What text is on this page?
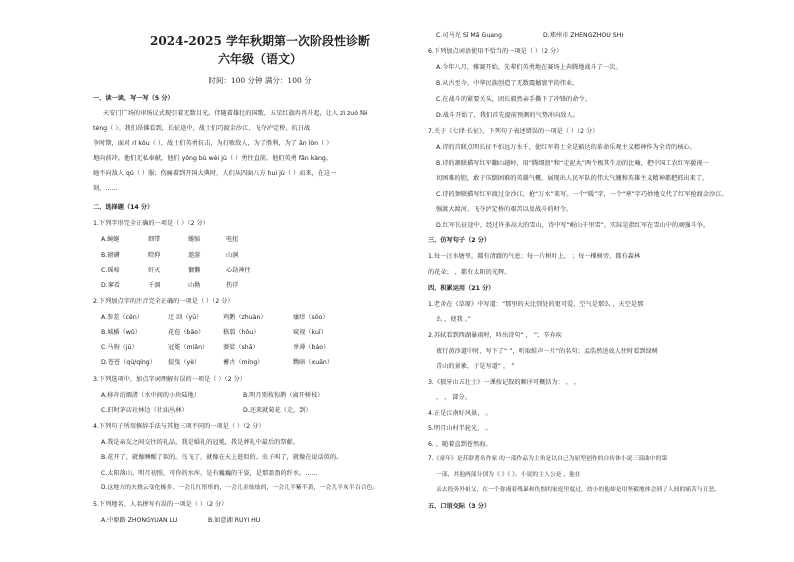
2024-2025 学年秋期第一次阶段性诊断
六年级（语文）
时间：100 分钟 满分：100 分
一、读一读，写一写（5 分）
天安门广场的审场议式现引着无数目光。伴随着雄壮的国歌，五星红旗冉冉升起，让人 zì zuó fěi
téng（ ）。我们昂佛看到，长征途中，战士们巧渡金沙江、飞夺泸定桥，抗日战
争时期，面对 rǐ kōu（ ），战士们英勇抗击，为打败敌人，为了胜利，为了 ān lòn（ ）
地向前冲。他们无私奉献，他们 yǒng bù wèi jù（ ）勇往直前，他们英勇 fǎn kàng，
她不向敌人 qū（ ）服；伤痛着到开国大典时，人们从四面八方 huì jù（ ）而来，在这一
刻，……
二、选择题（14 分）
1.下列字形完全正确的一项是（ ）（2 分）
A.蜿蜒	细带	蜷缩	电扭
B.磅礴	瞪抑	遨游	山涧
C.瑶啼	奸灭	慵懒	心劫神往
D.寥看	千涸	山拗	伤徉
2.下列加点字的注音完全正确的一项是（ ）（2 分）
A.参差（cēn）	迂 回（yū）	鸡鹅（zhuàn）	瘙痒（sōo）
B.城楯（wǔ）	花苞（bāo）	嵇翦（hōu）	窥视（kuī）
C.马驹（jū）	冠冕（miǎn） 婆娑（shā）	单薄（báo）
D.苍苍（qú/qíng） 提曳（yè）	蓄古（míng）	黝暗（xuān）
3.下列选项中，加点字词理解有误的一项是（ ）（2 分）
A.移舟泊烟渚（水中间的小块陆地）	B.明月别枝惊鹊（离开树枝）
C.旧时茅店社林边（社庙丛林）	D.还来就菊花（走，到）
4.下列句子所用修辞手法与其他三项不同的一项是（ ）（2 分）
A.我是亲友之间交往的礼品，我是婚礼的冠冕，我是葬礼中最后的祭献。
B.花开了，就像睡醒了似的。鸟飞了，就像在天上逛似的。虫子叫了，就像在说话似的。
C.太阳落山，明月初照，可你的水库，是有巍巍的千姿，是那盈盈的纤水，……
D.这地方的火烧云变化极多，一会儿红彤彤的，一会儿金灿灿的，一会儿半紫半黄，一会儿半灰半百合色。
5.下列地名、人名拼写有误的一项是（ ）（2 分）
A.中原路 ZHONGYUAN LU	B.如意湖 RUYI HU
C.司马光 Sī Mǎ Guang	D.郑州市 ZHENGZHOU SHI
6.下列加点词语使用不恰当的一项是（ ）（2 分）
A.今年八月，雅赛开始，先辈们英勇地在赛场上奔腾地战斗了一次。
B.从古至今，中华民族创造了无数震撼寰宇的伟业。
C.在战斗的紧要关头，团长毅然亲手撕下了冲锋的命令。
D.战斗开始了，我们首先提前预测的气势冲向敌人。
7.关于《七律·长征》，下列句子表述错误的一项是（ ）（2 分）
A.诗的首联点明长征不怕远万水千，使红军将士全是豁达的革命乐观主义精神作为全诗的核心。
B.诗的颔联描写红军翻山越岭，用“腾细浪”和“走泥丸”两个极其生动的比喻，把中国工农红军藐视一
切困难的胆，敢于压倒困难的英雄气概，展现出人民军队的伟大气魄和英雄主义精神都把抓出来了。
C.诗的颈联描写红军渡过金沙江，抢“万水”来写。一个“暖”字，一个“寒”字巧妙地交代了红军抢渡金沙江、
强渡大渡河、飞夺泸定桥的艰苦以及战斗的时令。
D.红军长征途中，经过许多高大的雪山，诗中写“岷山千里雪”，实际是指红军在雪山中的顽强斗争。
三、仿写句子（2 分）
1.每一汪水塘里，都有清澈的气息；每一片树叶上， ；每一棵树旁，都有森林
的花朵； ，都有太阳的光辉。
四、积累运用（21 分）
1.老舍在《草原》中写道：“那里的天比别处的更可爱，空气是那么 ，天空是那
么 ，使我 。”
2.苏轼看到西湖暴雨时，吟出诗句“ ， ”；辛弃疾
夜行黄沙道中时，写下了“ ”，听取蛙声一片”的名句；孟浩然送故人往时看到绿树
青山的景象，于是写道“ ， ”
3.《狼牙山五壮士》一课按记叙的顺序可概括为： ， ，
， ， 部分。
4.正是江南好风景， 。
5.明月山村半轮光， 。
6. ，随着直到苍然海。
7.《童年》是苏联著名作家 的一部作品为主角是以自己为原型创作的自传体小说三部曲中的第
一部，其他两部分别为《 》《 》。小说的主人公是 ，他在
亲去投奔外祖父，在一个弥漫着残暴和仇恨的家庭里度过，幼小的他却是用坚毅地体会到了人间的痛苦与丑恶。
五、口语交际（3 分）
